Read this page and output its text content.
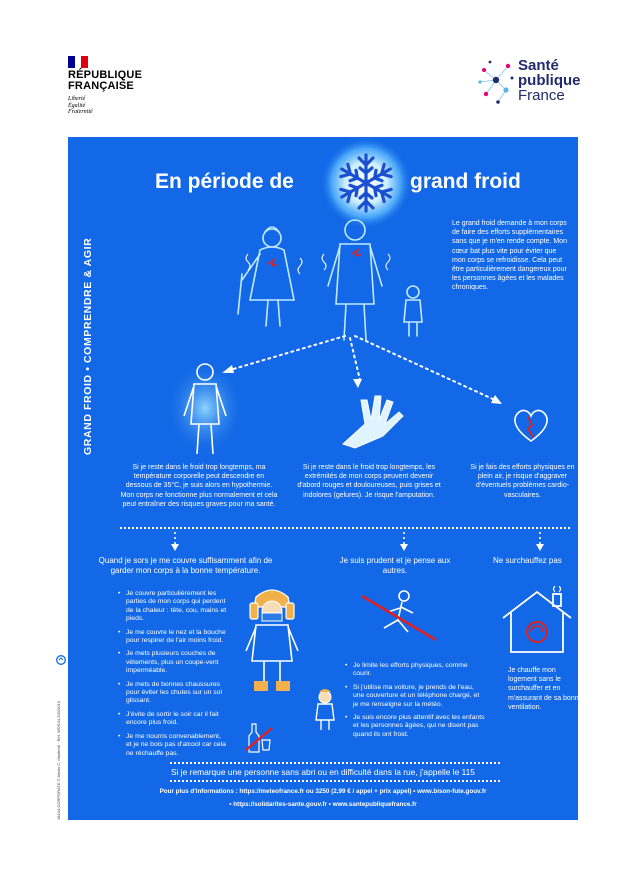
RÉPUBLIQUE
FRANÇAISE
Liberté
Égalité
Fraternité
Santé
publique
France
18104-CORPORATE © Alexis C. Manfredi · Réf. WOS44-2002/010
GRAND FROID • COMPRENDRE & AGIR
En période de	grand froid
Le grand froid demande à mon corps de faire des efforts supplémentaires sans que je m'en rende compte. Mon cœur bat plus vite pour éviter que mon corps se refroidisse. Cela peut être particulièrement dangereux pour les personnes âgées et les malades chroniques.
Si je reste dans le froid trop longtemps, ma température corporelle peut descendre en dessous de 35°C, je suis alors en hypothermie. Mon corps ne fonctionne plus normalement et cela peut entraîner des risques graves pour ma santé.
Si je reste dans le froid trop longtemps, les extrémités de mon corps peuvent devenir d'abord rouges et douloureuses, puis grises et indolores (gelures). Je risque l'amputation.
Si je fais des efforts physiques en plein air, je risque d'aggraver d'éventuels problèmes cardio-vasculaires.
Quand je sors je me couvre suffisamment afin de garder mon corps à la bonne température.
Je suis prudent et je pense aux autres.
Ne surchauffez pas
• Je couvre particulièrement les parties de mon corps qui perdent de la chaleur : tête, cou, mains et pieds.
• Je me couvre le nez et la bouche pour respirer de l'air moins froid.
• Je mets plusieurs couches de vêtements, plus un coupe-vent imperméable.
• Je mets de bonnes chaussures pour éviter les chutes sur un sol glissant.
• J'évite de sortir le soir car il fait encore plus froid.
• Je me nourris convenablement, et je ne bois pas d'alcool car cela ne réchauffe pas.
• Je limite les efforts physiques, comme courir.
• Si j'utilise ma voiture, je prends de l'eau, une couverture et un téléphone chargé, et je me renseigne sur la météo.
• Je suis encore plus attentif avec les enfants et les personnes âgées, qui ne disent pas quand ils ont froid.
Je chauffe mon logement sans le surchauffer et en m'assurant de sa bonne ventilation.
Si je remarque une personne sans abri ou en difficulté dans la rue, j'appelle le 115
Pour plus d'informations : https://meteofrance.fr ou 3250 (2,99 € / appel + prix appel) • www.bison-fute.gouv.fr
• https://solidarites-sante.gouv.fr • www.santepubliquefrance.fr
